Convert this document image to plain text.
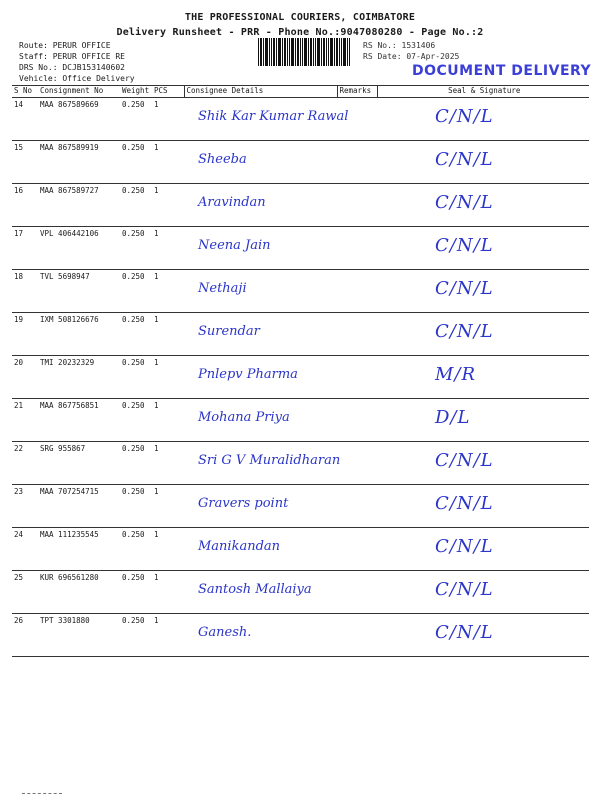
THE PROFESSIONAL COURIERS, COIMBATORE
Delivery Runsheet - PRR - Phone No.:9047080280 - Page No.:2
Route: PERUR OFFICE
Staff: PERUR OFFICE RE
DRS No.: DCJB153140602
Vehicle: Office Delivery
RS No.: 1531406
RS Date: 07-Apr-2025
DOCUMENT DELIVERY
S No	Consignment No	Weight	PCS	Consignee Details	Remarks	Seal & Signature
14	MAA 867589669	0.250	1	Shik Kar Kumar Rawal		C/N/L

15	MAA 867589919	0.250	1	Sheeba		C/N/L

16	MAA 867589727	0.250	1	Aravindan		C/N/L

17	VPL 406442106	0.250	1	Neena Jain		C/N/L

18	TVL 5698947	0.250	1	Nethaji		C/N/L

19	IXM 508126676	0.250	1	Surendar		C/N/L

20	TMI 20232329	0.250	1	Pnlepv Pharma		M/R

21	MAA 867756851	0.250	1	Mohana Priya		D/L

22	SRG 955867	0.250	1	Sri G V Muralidharan		C/N/L

23	MAA 707254715	0.250	1	Gravers point		C/N/L

24	MAA 111235545	0.250	1	Manikandan		C/N/L

25	KUR 696561280	0.250	1	Santosh Mallaiya		C/N/L

26	TPT 3301880	0.250	1	Ganesh.		C/N/L
